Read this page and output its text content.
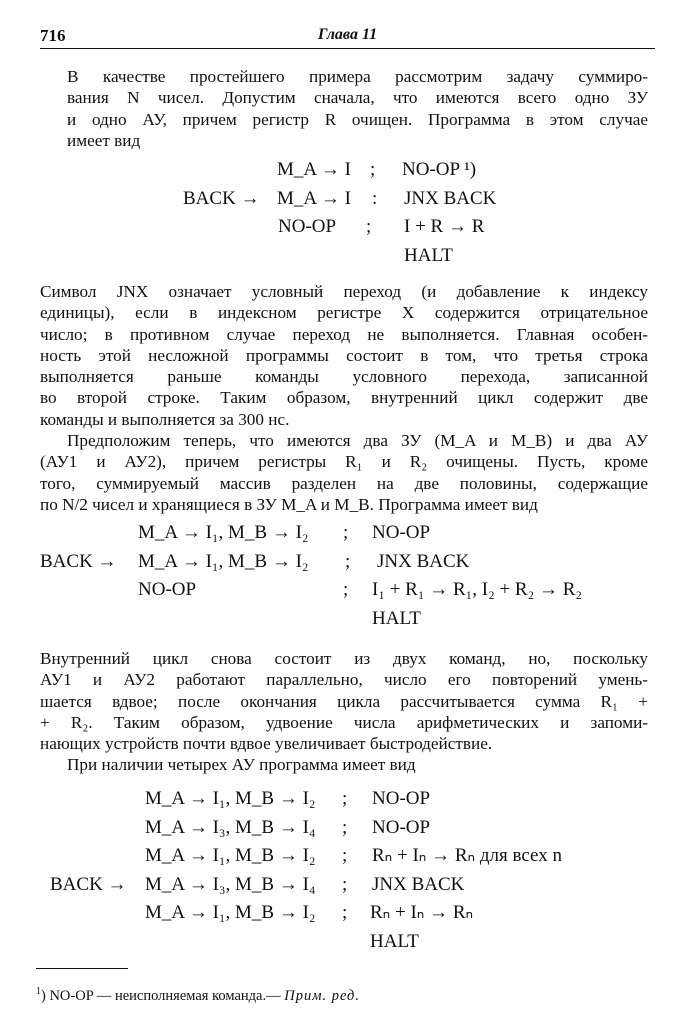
716	Глава 11
В качестве простейшего примера рассмотрим задачу суммиро-
вания N чисел. Допустим сначала, что имеются всего одно ЗУ
и одно АУ, причем регистр R очищен. Программа в этом случае
имеет вид
M_A → I ; NO-OP ¹)
BACK → M_A → I : JNX BACK
NO-OP ; I + R → R
HALT
Символ JNX означает условный переход (и добавление к индексу
единицы), если в индексном регистре X содержится отрицательное
число; в противном случае переход не выполняется. Главная особен-
ность этой несложной программы состоит в том, что третья строка
выполняется раньше команды условного перехода, записанной
во второй строке. Таким образом, внутренний цикл содержит две
команды и выполняется за 300 нс.
Предположим теперь, что имеются два ЗУ (M_A и M_B) и два АУ
(АУ1 и АУ2), причем регистры R₁ и R₂ очищены. Пусть, кроме
того, суммируемый массив разделен на две половины, содержащие
по N/2 чисел и хранящиеся в ЗУ M_A и M_B. Программа имеет вид
M_A → I₁, M_B → I₂ ; NO-OP
BACK → M_A → I₁, M_B → I₂ ; JNX BACK
NO-OP	; I₁ + R₁ → R₁, I₂ + R₂ → R₂
HALT
Внутренний цикл снова состоит из двух команд, но, поскольку
АУ1 и АУ2 работают параллельно, число его повторений умень-
шается вдвое; после окончания цикла рассчитывается сумма R₁ +
+ R₂. Таким образом, удвоение числа арифметических и запоми-
нающих устройств почти вдвое увеличивает быстродействие.
При наличии четырех АУ программа имеет вид
M_A → I₁, M_B → I₂ ; NO-OP
M_A → I₃, M_B → I₄ ; NO-OP
M_A → I₁, M_B → I₂ ; Rₙ + Iₙ → Rₙ для всех n
BACK → M_A → I₃, M_B → I₄ ; JNX BACK
M_A → I₁, M_B → I₂ ; Rₙ + Iₙ → Rₙ
HALT
$^1$) NO-OP — неисполняемая команда.— Прим. ред.
